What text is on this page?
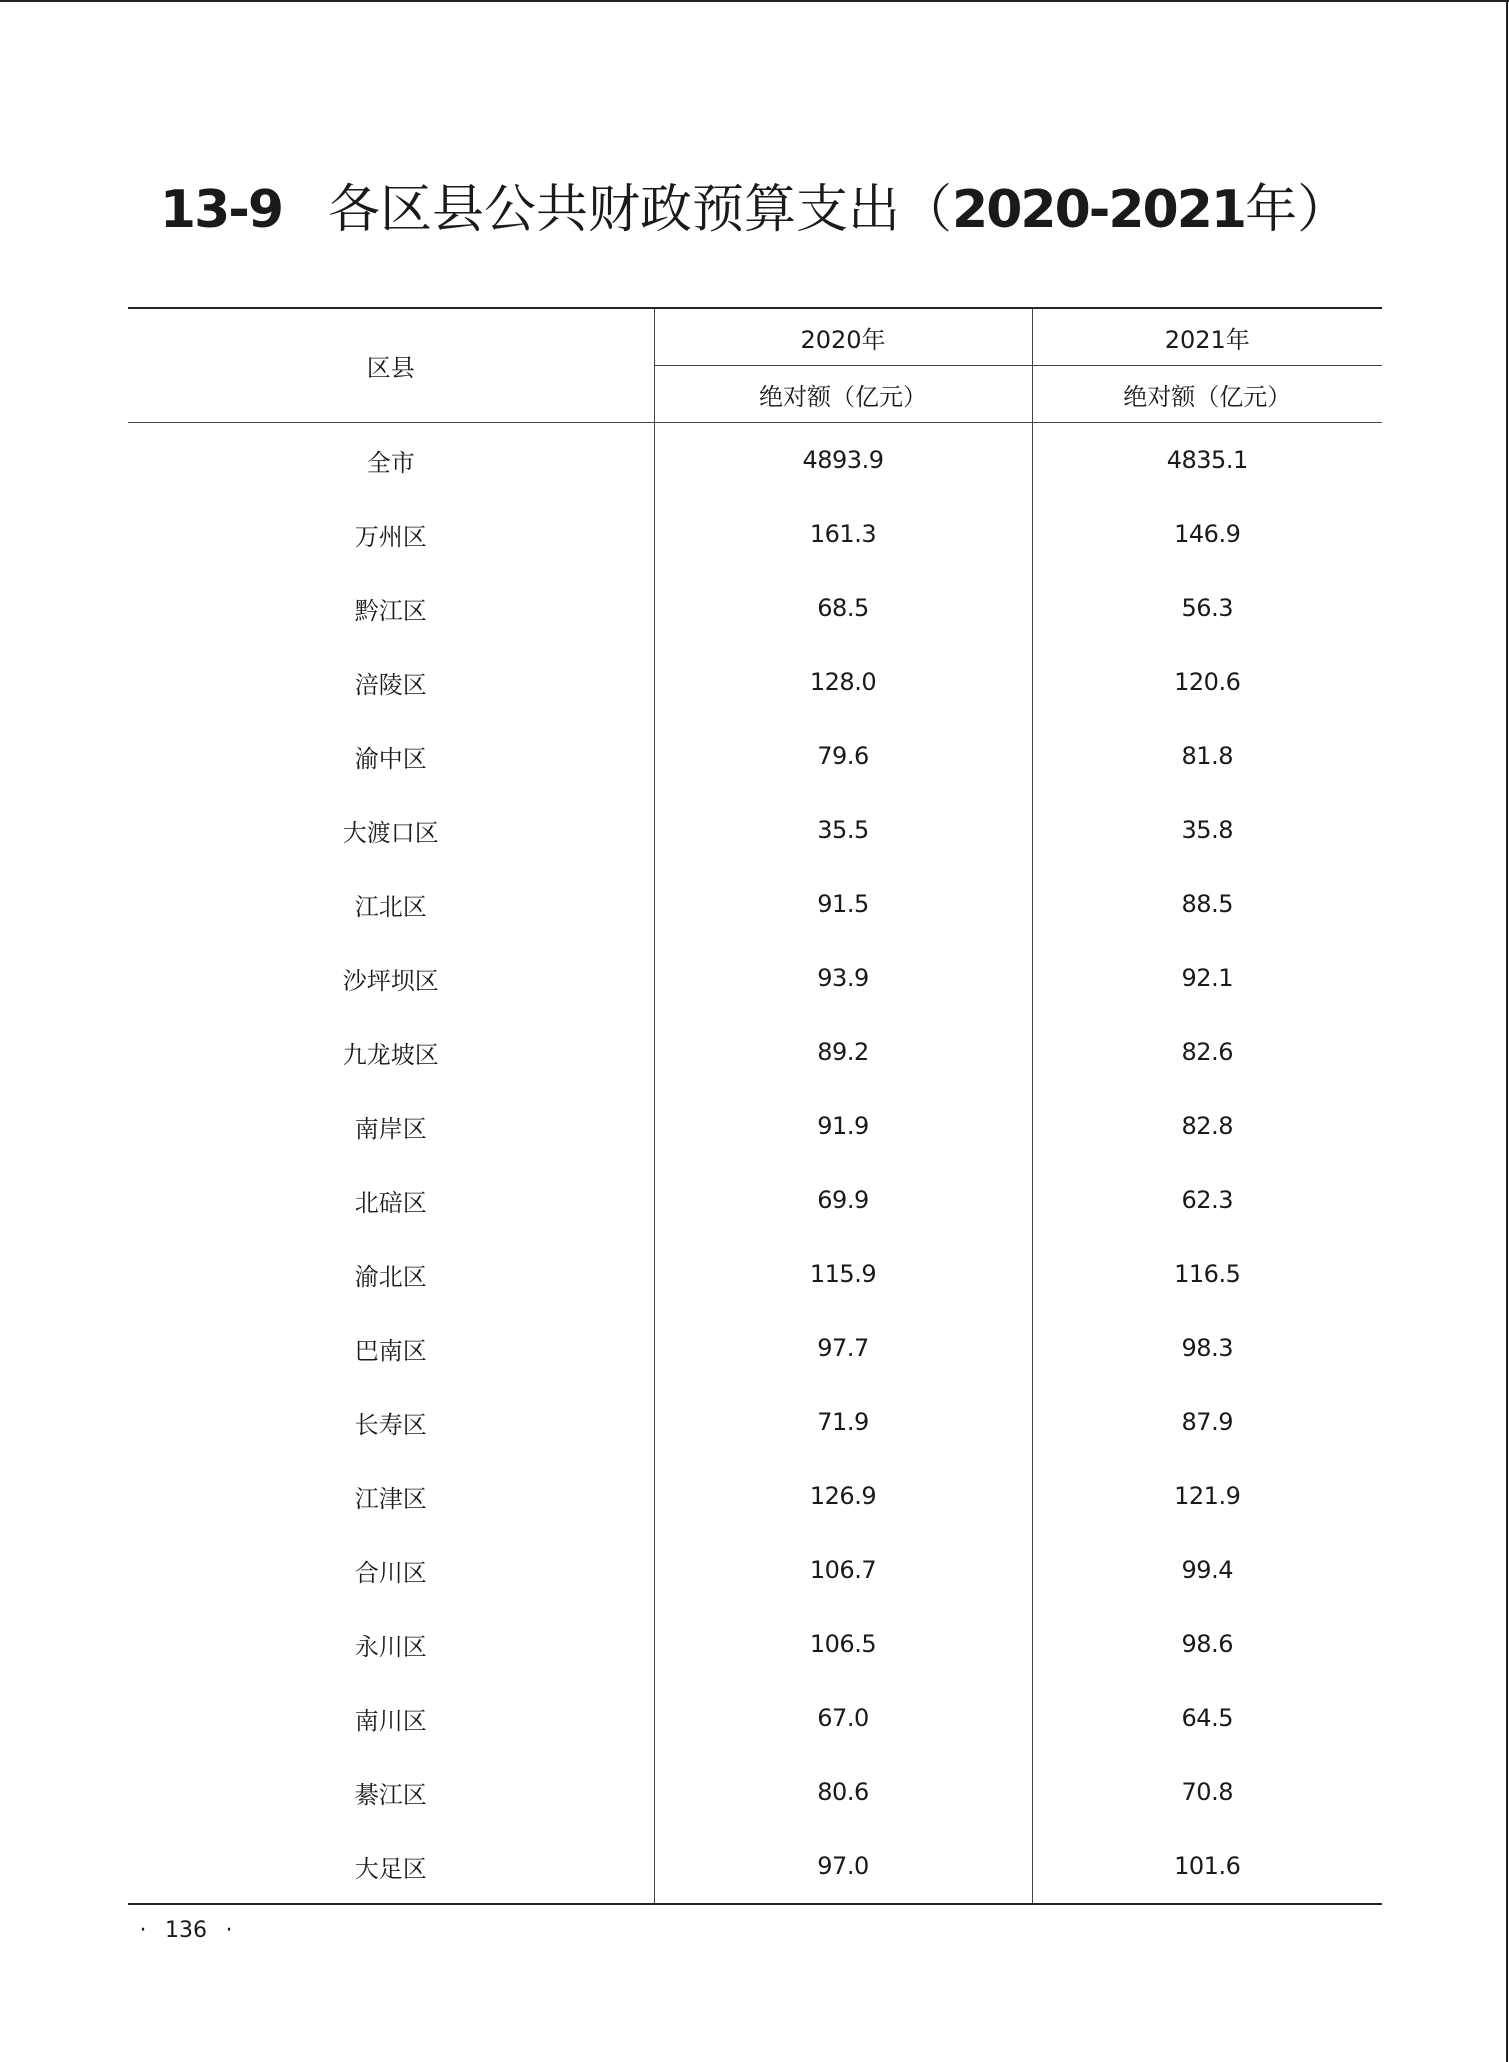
13-9 各区县公共财政预算支出（2020-2021年）
区县	2020年	2021年
	绝对额（亿元）	绝对额（亿元）
全市	4893.9	4835.1
万州区	161.3	146.9
黔江区	68.5	56.3
涪陵区	128.0	120.6
渝中区	79.6	81.8
大渡口区	35.5	35.8
江北区	91.5	88.5
沙坪坝区	93.9	92.1
九龙坡区	89.2	82.6
南岸区	91.9	82.8
北碚区	69.9	62.3
渝北区	115.9	116.5
巴南区	97.7	98.3
长寿区	71.9	87.9
江津区	126.9	121.9
合川区	106.7	99.4
永川区	106.5	98.6
南川区	67.0	64.5
綦江区	80.6	70.8
大足区	97.0	101.6
· 136 ·
